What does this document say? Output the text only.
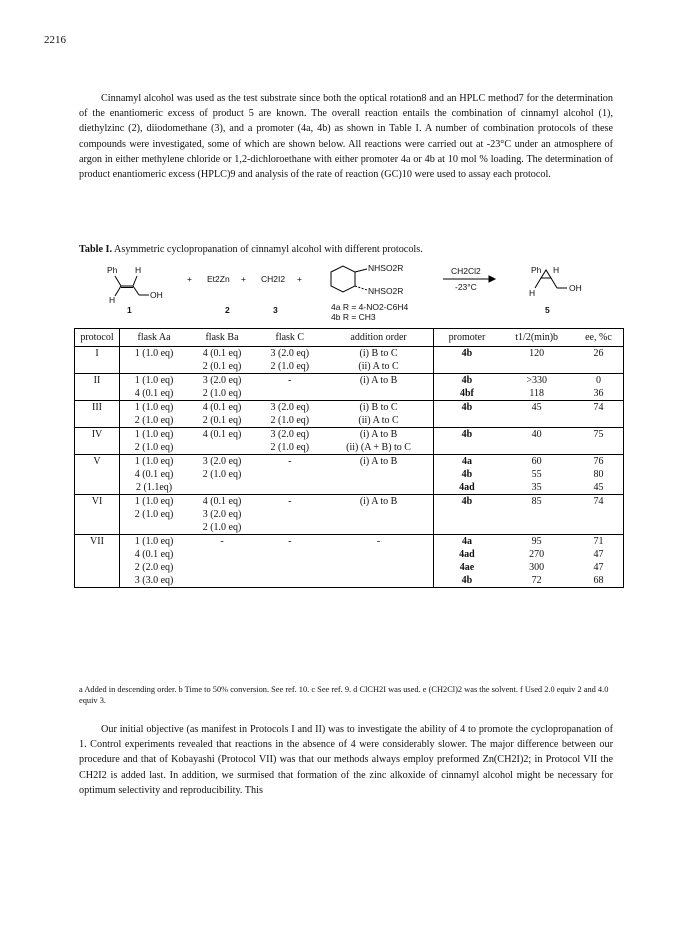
2216

Cinnamyl alcohol was used as the test substrate since both the optical rotation8 and an HPLC method7 for the determination of the enantiomeric excess of product 5 are known. The overall reaction entails the combination of cinnamyl alcohol (1), diethylzinc (2), diiodomethane (3), and a promoter (4a, 4b) as shown in Table I. A number of combination protocols of these compounds were investigated, some of which are shown below. All reactions were carried out at -23°C under an atmosphere of argon in either methylene chloride or 1,2-dichloroethane with either promoter 4a or 4b at 10 mol % loading. The determination of product enantiomeric excess (HPLC)9 and analysis of the rate of reaction (GC)10 were used to assay each protocol.

Table I. Asymmetric cyclopropanation of cinnamyl alcohol with different protocols.
Ph H
H	OH
+ Et2Zn + CH2I2 +
NHSO2R
NHSO2R
CH2Cl2
-23°C
Ph H
H	OH
1	2	3	4a R = 4-NO2-C6H4
4b R = CH3
5
protocol	flask Aa	flask Ba	flask C	addition order	promoter	t1/2(min)b	ee, %c
I	1 (1.0 eq)	4 (0.1 eq)	3 (2.0 eq)	(i) B to C	4b	120	26
		2 (0.1 eq)	2 (1.0 eq)	(ii) A to C			
II	1 (1.0 eq)	3 (2.0 eq)	-	(i) A to B	4b	>330	0
	4 (0.1 eq)	2 (1.0 eq)			4bf	118	36
III	1 (1.0 eq)	4 (0.1 eq)	3 (2.0 eq)	(i) B to C	4b	45	74
	2 (1.0 eq)	2 (0.1 eq)	2 (1.0 eq)	(ii) A to C			
IV	1 (1.0 eq)	4 (0.1 eq)	3 (2.0 eq)	(i) A to B	4b	40	75
	2 (1.0 eq)		2 (1.0 eq)	(ii) (A + B) to C			
V	1 (1.0 eq)	3 (2.0 eq)	-	(i) A to B	4a	60	76
	4 (0.1 eq)	2 (1.0 eq)			4b	55	80
	2 (1.1eq)				4ad	35	45
VI	1 (1.0 eq)	4 (0.1 eq)	-	(i) A to B	4b	85	74
	2 (1.0 eq)	3 (2.0 eq)					
		2 (1.0 eq)					
VII	1 (1.0 eq)	-	-	-	4a	95	71
	4 (0.1 eq)				4ad	270	47
	2 (2.0 eq)				4ae	300	47
	3 (3.0 eq)				4b	72	68
a Added in descending order. b Time to 50% conversion. See ref. 10. c See ref. 9. d ClCH2I was used. e (CH2Cl)2 was the solvent. f Used 2.0 equiv 2 and 4.0 equiv 3.

Our initial objective (as manifest in Protocols I and II) was to investigate the ability of 4 to promote the cyclopropanation of 1. Control experiments revealed that reactions in the absence of 4 were considerably slower. The major difference between our procedure and that of Kobayashi (Protocol VII) was that our methods always employ preformed Zn(CH2I)2; in Protocol VII the CH2I2 is added last. In addition, we surmised that formation of the zinc alkoxide of cinnamyl alcohol might be necessary for optimum selectivity and reproducibility. This
